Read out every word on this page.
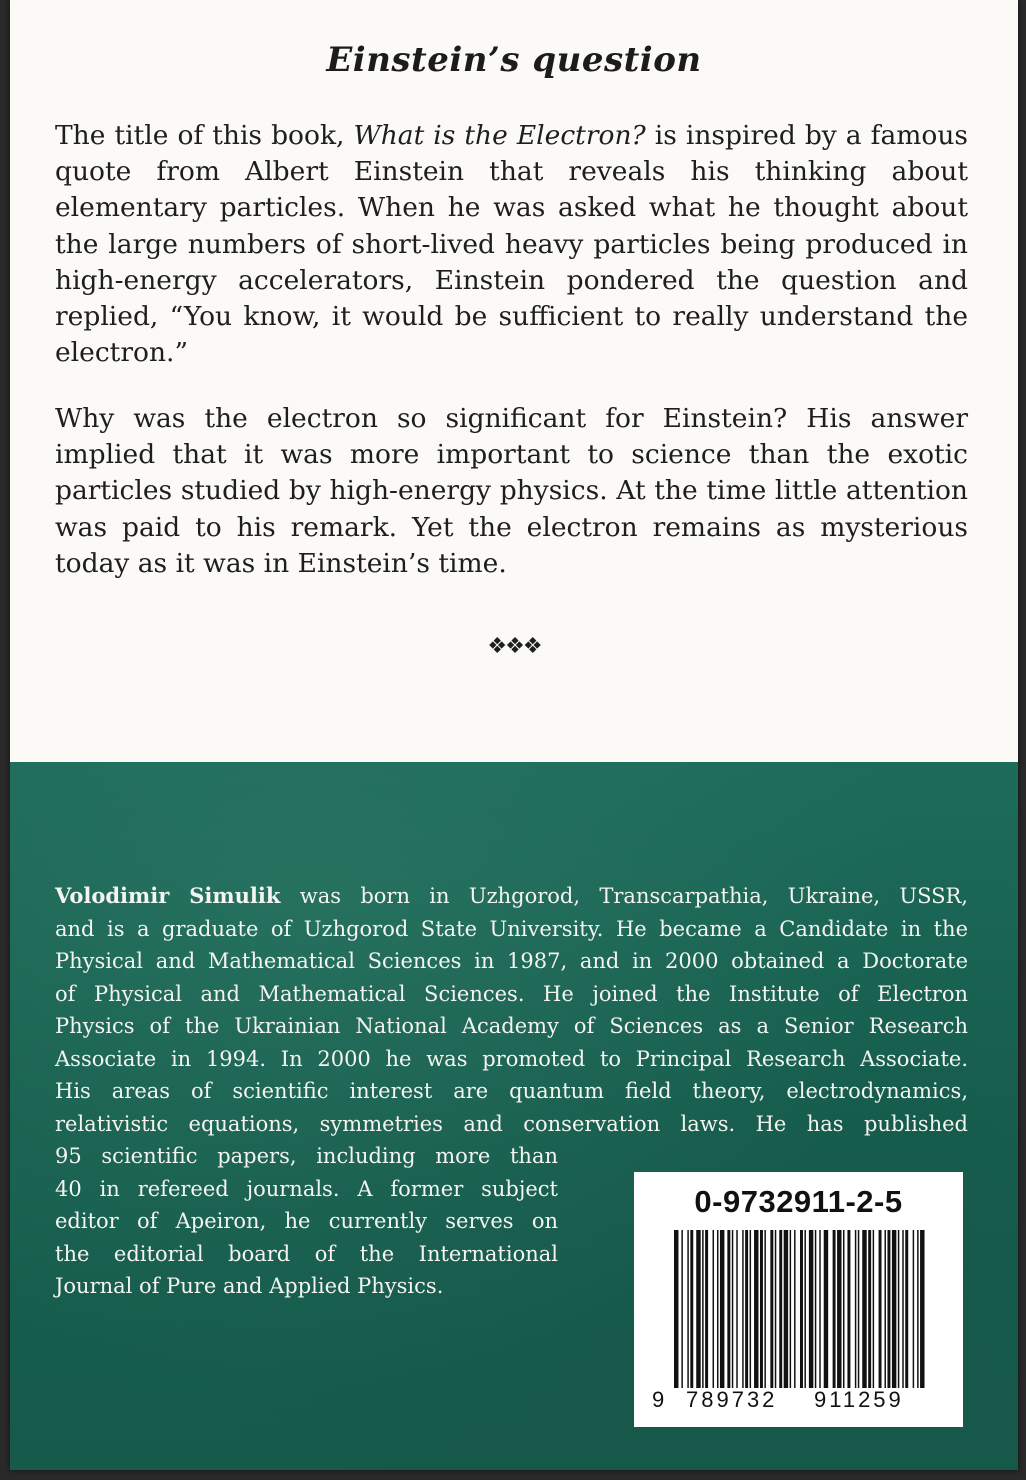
Einstein’s question
The title of this book, What is the Electron? is inspired by a famous quote from Albert Einstein that reveals his thinking about elementary particles. When he was asked what he thought about the large numbers of short-lived heavy particles being produced in high-energy accelerators, Einstein pondered the question and replied, “You know, it would be sufficient to really understand the electron.”
Why was the electron so significant for Einstein? His answer implied that it was more important to science than the exotic particles studied by high-energy physics. At the time little attention was paid to his remark. Yet the electron remains as mysterious today as it was in Einstein’s time.
❖❖❖
Volodimir Simulik was born in Uzhgorod, Transcarpathia, Ukraine, USSR,
and is a graduate of Uzhgorod State University. He became a Candidate in the
Physical and Mathematical Sciences in 1987, and in 2000 obtained a Doctorate
of Physical and Mathematical Sciences. He joined the Institute of Electron
Physics of the Ukrainian National Academy of Sciences as a Senior Research
Associate in 1994. In 2000 he was promoted to Principal Research Associate.
His areas of scientific interest are quantum field theory, electrodynamics,
relativistic equations, symmetries and conservation laws. He has published
95 scientific papers, including more than
40 in refereed journals. A former subject
editor of Apeiron, he currently serves on
the editorial board of the International
Journal of Pure and Applied Physics.
0-9732911-2-5
9 789732 911259
